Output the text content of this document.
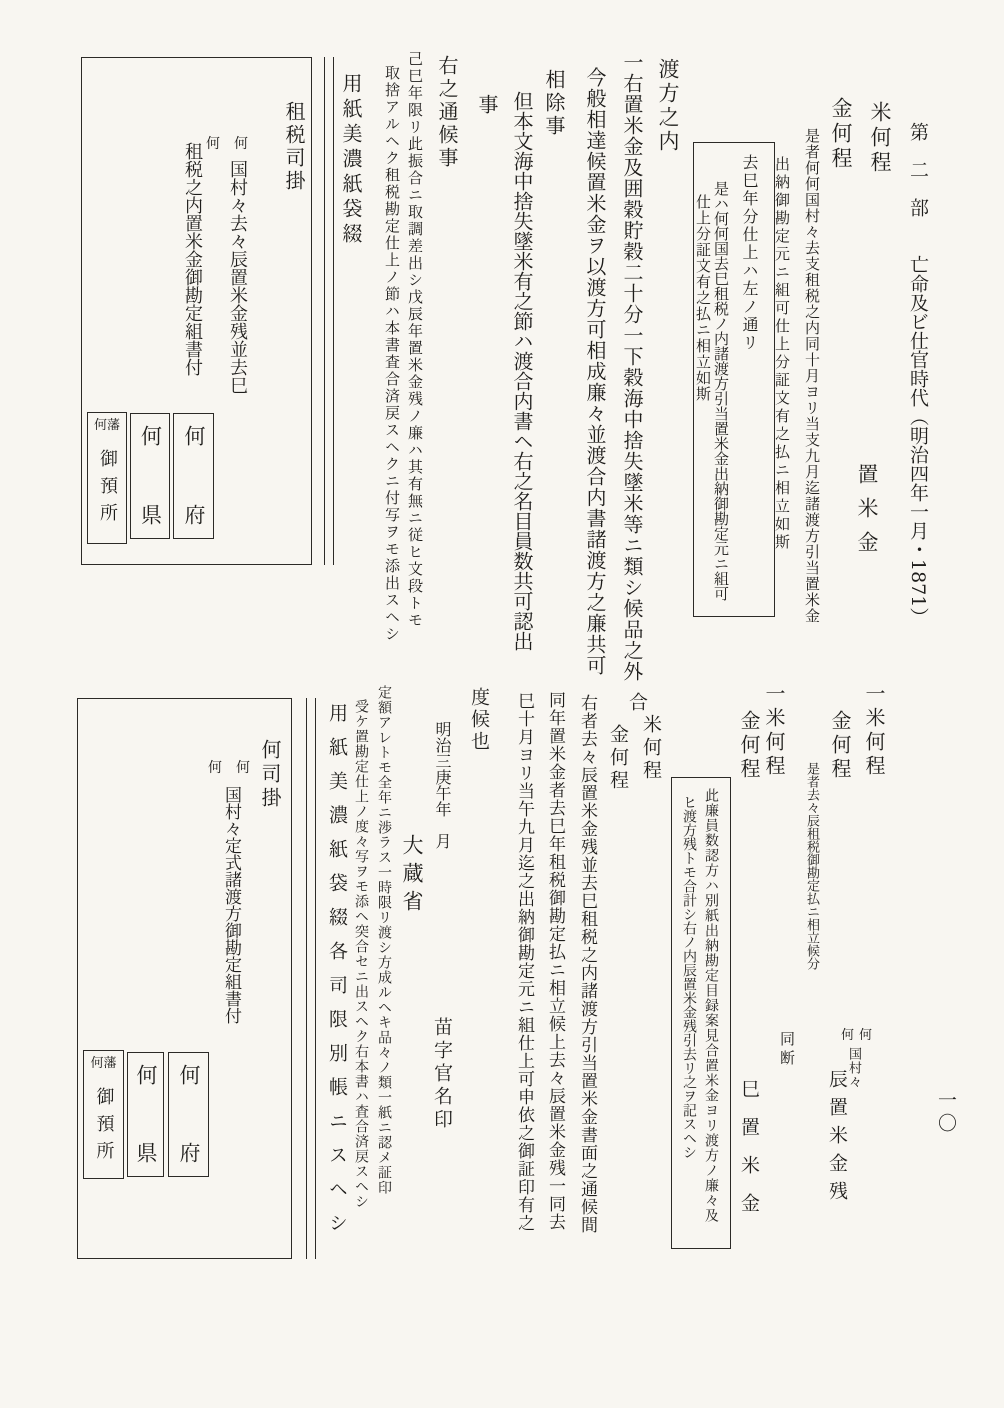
第　二　部　　亡命及ビ仕官時代（明治四年一月・1871）
一〇
米何程
金何程
是者何何国村々去支租税之内同十月ヨリ当支九月迄諸渡方引当置米金
出納御勘定元ニ組可仕上分証文有之払ニ相立如斯	置米金
去巳年分仕上ハ左ノ通リ
是ハ何何国去巳租税ノ内諸渡方引当置米金出納御勘定元ニ組可
仕上分証文有之払ニ相立如斯
渡方之内
一右置米金及囲穀貯穀二十分一下穀海中捨失墜米等ニ類シ候品之外
今般相達候置米金ヲ以渡方可相成廉々並渡合内書諸渡方之廉共可
相除事
但本文海中捨失墜米有之節ハ渡合内書ヘ右之名目員数共可認出
事
右之通候事
己巳年限リ此振合ニ取調差出シ戊辰年置米金残ノ廉ハ其有無ニ従ヒ文段トモ
取捨アルヘク租税勘定仕上ノ節ハ本書査合済戻スヘクニ付写ヲモ添出スヘシ
用紙美濃紙袋綴
租税司掛
何　何
国村々去々辰置米金残並去巳
租税之内置米金御勘定組書付
何府
何県
何藩
御預所
一米何程
金何程
是者去々辰租税御勘定払ニ相立候分
何何
国村々
辰置米金残
一米何程
金何程
同断
巳置米金
此廉員数認方ハ別紙出納勘定目録案見合置米金ヨリ渡方ノ廉々及
ヒ渡方残トモ合計シ右ノ内辰置米金残引去リ之ヲ記スヘシ
合
米何程
金何程
右者去々辰置米金残並去巳租税之内諸渡方引当置米金書面之通候間
同年置米金者去巳年租税御勘定払ニ相立候上去々辰置米金残一同去
巳十月ヨリ当午九月迄之出納御勘定元ニ組仕上可申依之御証印有之
度候也
明治三庚午年　月
大蔵省
苗字官名印
定額アレトモ全年ニ渉ラス一時限リ渡シ方成ルヘキ品々ノ類一紙ニ認メ証印
受ケ置勘定仕上ノ度々写ヲモ添ヘ突合セニ出スヘク右本書ハ査合済戻スヘシ
用紙美濃紙袋綴各司限別帳ニスヘシ
何司掛
何　何
国村々定式諸渡方御勘定組書付
何府
何県
何藩
御預所
